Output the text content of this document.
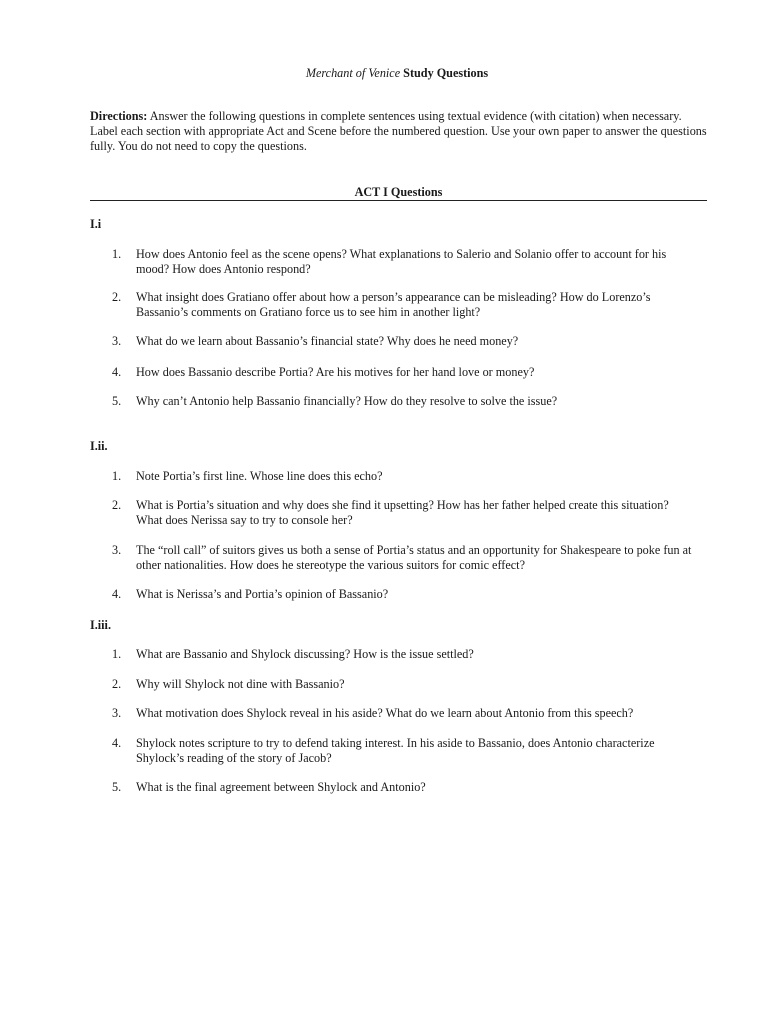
Merchant of Venice Study Questions
Directions: Answer the following questions in complete sentences using textual evidence (with citation) when necessary. Label each section with appropriate Act and Scene before the numbered question. Use your own paper to answer the questions fully. You do not need to copy the questions.
ACT I Questions
I.i
1.	How does Antonio feel as the scene opens? What explanations to Salerio and Solanio offer to account for his mood? How does Antonio respond?
2.	What insight does Gratiano offer about how a person’s appearance can be misleading? How do Lorenzo’s Bassanio’s comments on Gratiano force us to see him in another light?
3.	What do we learn about Bassanio’s financial state? Why does he need money?
4.	How does Bassanio describe Portia? Are his motives for her hand love or money?
5.	Why can’t Antonio help Bassanio financially? How do they resolve to solve the issue?
I.ii.
1.	Note Portia’s first line. Whose line does this echo?
2.	What is Portia’s situation and why does she find it upsetting? How has her father helped create this situation? What does Nerissa say to try to console her?
3.	The “roll call” of suitors gives us both a sense of Portia’s status and an opportunity for Shakespeare to poke fun at other nationalities. How does he stereotype the various suitors for comic effect?
4.	What is Nerissa’s and Portia’s opinion of Bassanio?
I.iii.
1.	What are Bassanio and Shylock discussing? How is the issue settled?
2.	Why will Shylock not dine with Bassanio?
3.	What motivation does Shylock reveal in his aside? What do we learn about Antonio from this speech?
4.	Shylock notes scripture to try to defend taking interest. In his aside to Bassanio, does Antonio characterize Shylock’s reading of the story of Jacob?
5.	What is the final agreement between Shylock and Antonio?
